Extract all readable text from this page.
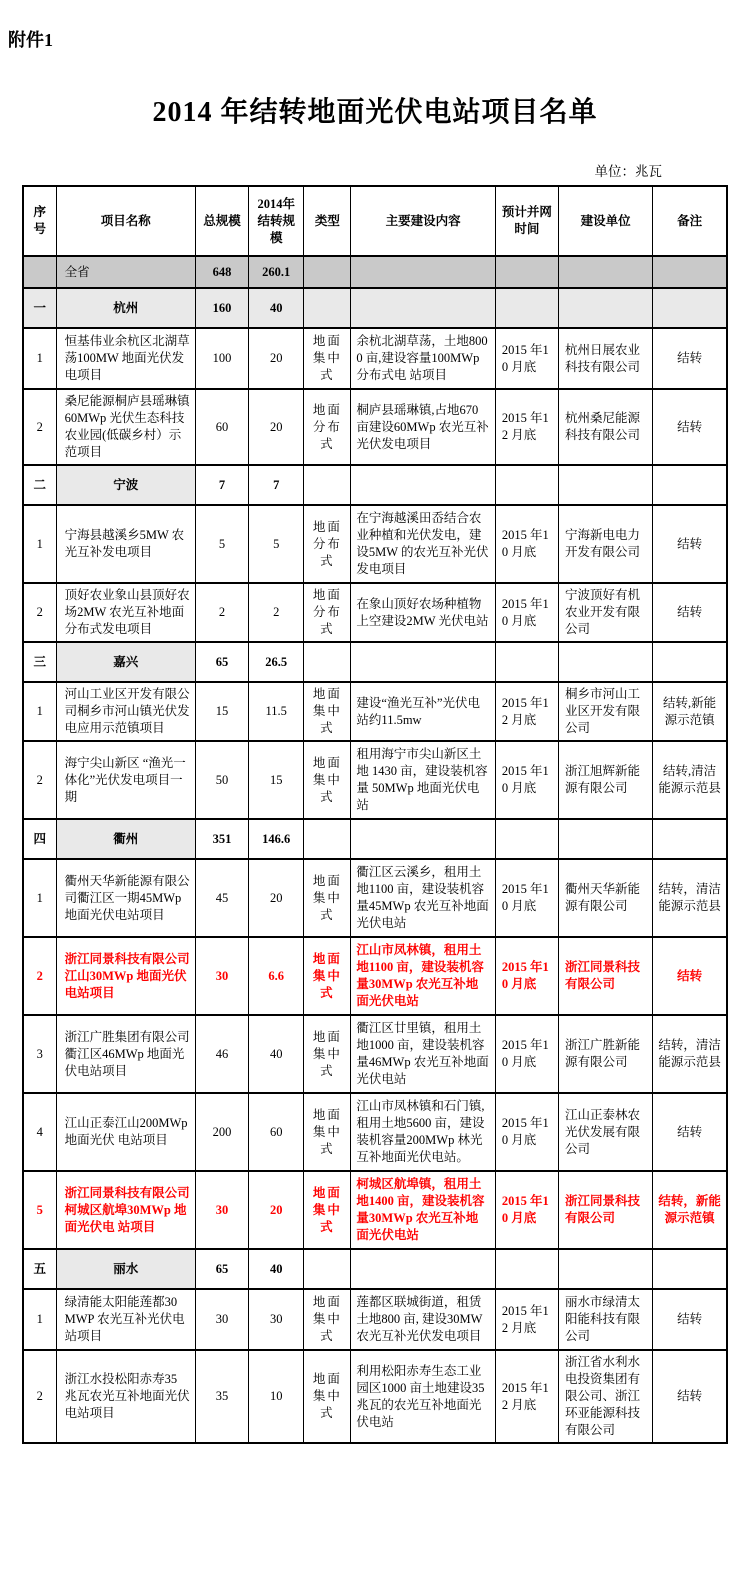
附件1
2014 年结转地面光伏电站项目名单
单位：兆瓦
序号	项目名称	总规模	2014年结转规模	类型	主要建设内容	预计并网时间	建设单位	备注
	全省	648	260.1					
一	杭州	160	40					
1	恒基伟业余杭区北湖草荡100MW 地面光伏发电项目	100	20	地面集中式	余杭北湖草荡，土地8000 亩,建设容量100MWp 分布式电 站项目	2015 年10 月底	杭州日展农业科技有限公司	结转
2	桑尼能源桐庐县瑶琳镇60MWp 光伏生态科技农业园(低碳乡村）示范项目	60	20	地面分布式	桐庐县瑶琳镇,占地670 亩建设60MWp 农光互补光伏发电项目	2015 年12 月底	杭州桑尼能源科技有限公司	结转
二	宁波	7	7					
1	宁海县越溪乡5MW 农光互补发电项目	5	5	地面分布式	在宁海越溪田岙结合农业种植和光伏发电，建设5MW 的农光互补光伏发电项目	2015 年10 月底	宁海新电电力开发有限公司	结转
2	顶好农业象山县顶好农场2MW 农光互补地面分布式发电项目	2	2	地面分布式	在象山顶好农场种植物上空建设2MW 光伏电站	2015 年10 月底	宁波顶好有机农业开发有限公司	结转
三	嘉兴	65	26.5					
1	河山工业区开发有限公司桐乡市河山镇光伏发电应用示范镇项目	15	11.5	地面集中式	建设“渔光互补”光伏电站约11.5mw	2015 年12 月底	桐乡市河山工业区开发有限公司	结转,新能源示范镇
2	海宁尖山新区 “渔光一体化”光伏发电项目一期	50	15	地面集中式	租用海宁市尖山新区土地 1430 亩，建设装机容量 50MWp 地面光伏电站	2015 年10 月底	浙江旭辉新能源有限公司	结转,清洁能源示范县
四	衢州	351	146.6					
1	衢州天华新能源有限公司衢江区一期45MWp 地面光伏电站项目	45	20	地面集中式	衢江区云溪乡，租用土地1100 亩，建设装机容量45MWp 农光互补地面光伏电站	2015 年10 月底	衢州天华新能源有限公司	结转，清洁能源示范县
2	浙江同景科技有限公司江山30MWp 地面光伏电站项目	30	6.6	地面集中式	江山市凤林镇，租用土地1100 亩，建设装机容量30MWp 农光互补地面光伏电站	2015 年10 月底	浙江同景科技有限公司	结转
3	浙江广胜集团有限公司衢江区46MWp 地面光伏电站项目	46	40	地面集中式	衢江区廿里镇，租用土地1000 亩，建设装机容量46MWp 农光互补地面光伏电站	2015 年10 月底	浙江广胜新能源有限公司	结转，清洁能源示范县
4	江山正泰江山200MWp 地面光伏 电站项目	200	60	地面集中式	江山市凤林镇和石门镇,租用土地5600 亩，建设装机容量200MWp 林光互补地面光伏电站。	2015 年10 月底	江山正泰林农光伏发展有限公司	结转
5	浙江同景科技有限公司柯城区航埠30MWp 地面光伏电 站项目	30	20	地面集中式	柯城区航埠镇，租用土地1400 亩，建设装机容量30MWp 农光互补地面光伏电站	2015 年10 月底	浙江同景科技有限公司	结转，新能源示范镇
五	丽水	65	40					
1	绿清能太阳能莲都30 MWP 农光互补光伏电站项目	30	30	地面集中式	莲都区联城街道，租赁土地800 亩, 建设30MW 农光互补光伏发电项目	2015 年12 月底	丽水市绿清太阳能科技有限公司	结转
2	浙江水投松阳赤寿35 兆瓦农光互补地面光伏电站项目	35	10	地面集中式	利用松阳赤寿生态工业园区1000 亩土地建设35 兆瓦的农光互补地面光伏电站	2015 年12 月底	浙江省水利水电投资集团有限公司、浙江环亚能源科技有限公司	结转
